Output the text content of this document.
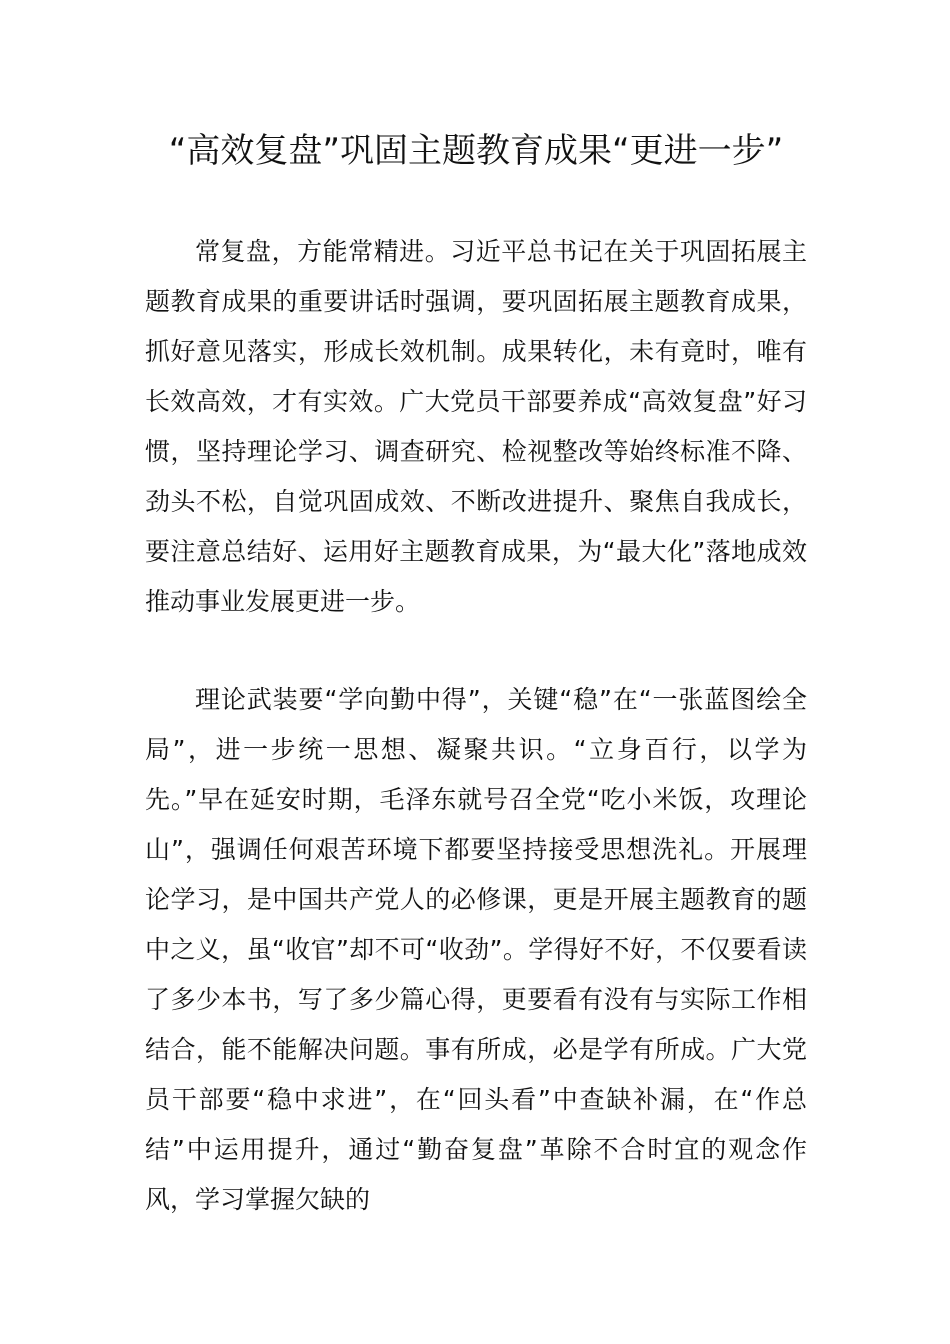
“高效复盘”巩固主题教育成果“更进一步”

常复盘，方能常精进。习近平总书记在关于巩固拓展主题教育成果的重要讲话时强调，要巩固拓展主题教育成果，抓好意见落实，形成长效机制。成果转化，未有竟时，唯有长效高效，才有实效。广大党员干部要养成“高效复盘”好习惯，坚持理论学习、调查研究、检视整改等始终标准不降、劲头不松，自觉巩固成效、不断改进提升、聚焦自我成长，要注意总结好、运用好主题教育成果，为“最大化”落地成效推动事业发展更进一步。

理论武装要“学向勤中得”，关键“稳”在“一张蓝图绘全局”，进一步统一思想、凝聚共识。“立身百行，以学为先。”早在延安时期，毛泽东就号召全党“吃小米饭，攻理论山”，强调任何艰苦环境下都要坚持接受思想洗礼。开展理论学习，是中国共产党人的必修课，更是开展主题教育的题中之义，虽“收官”却不可“收劲”。学得好不好，不仅要看读了多少本书，写了多少篇心得，更要看有没有与实际工作相结合，能不能解决问题。事有所成，必是学有所成。广大党员干部要“稳中求进”，在“回头看”中查缺补漏，在“作总结”中运用提升，通过“勤奋复盘”革除不合时宜的观念作风，学习掌握欠缺的
